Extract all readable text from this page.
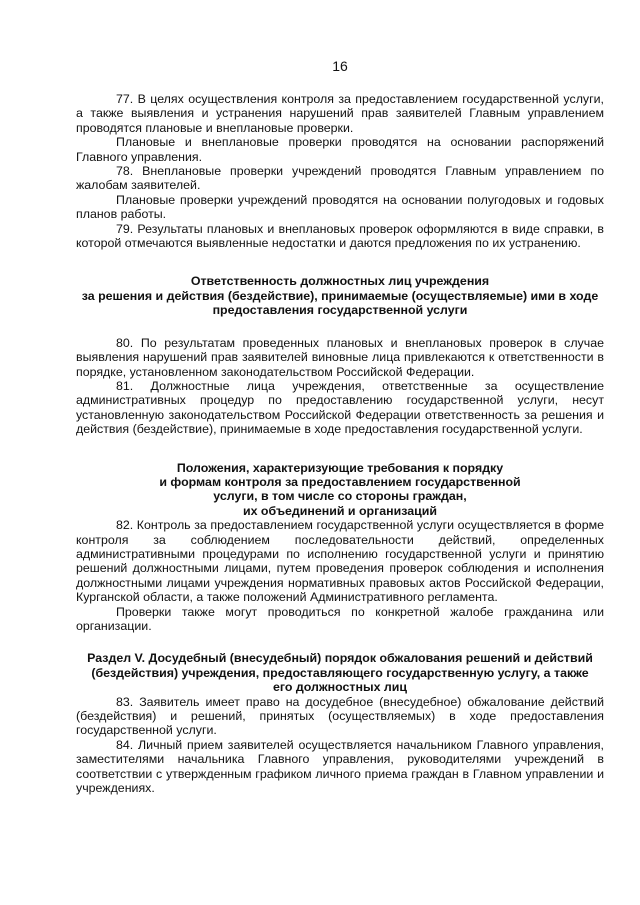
16

77. В целях осуществления контроля за предоставлением государственной услуги, а также выявления и устранения нарушений прав заявителей Главным управлением проводятся плановые и внеплановые проверки.

Плановые и внеплановые проверки проводятся на основании распоряжений Главного управления.

78. Внеплановые проверки учреждений проводятся Главным управлением по жалобам заявителей.

Плановые проверки учреждений проводятся на основании полугодовых и годовых планов работы.

79. Результаты плановых и внеплановых проверок оформляются в виде справки, в которой отмечаются выявленные недостатки и даются предложения по их устранению.

Ответственность должностных лиц учреждения
за решения и действия (бездействие), принимаемые (осуществляемые) ими в ходе предоставления государственной услуги

80. По результатам проведенных плановых и внеплановых проверок в случае выявления нарушений прав заявителей виновные лица привлекаются к ответственности в порядке, установленном законодательством Российской Федерации.

81. Должностные лица учреждения, ответственные за осуществление административных процедур по предоставлению государственной услуги, несут установленную законодательством Российской Федерации ответственность за решения и действия (бездействие), принимаемые в ходе предоставления государственной услуги.

Положения, характеризующие требования к порядку
и формам контроля за предоставлением государственной
услуги, в том числе со стороны граждан,
их объединений и организаций

82. Контроль за предоставлением государственной услуги осуществляется в форме контроля за соблюдением последовательности действий, определенных административными процедурами по исполнению государственной услуги и принятию решений должностными лицами, путем проведения проверок соблюдения и исполнения должностными лицами учреждения нормативных правовых актов Российской Федерации, Курганской области, а также положений Административного регламента.

Проверки также могут проводиться по конкретной жалобе гражданина или организации.

Раздел V. Досудебный (внесудебный) порядок обжалования решений и действий
(бездействия) учреждения, предоставляющего государственную услугу, а также
его должностных лиц

83. Заявитель имеет право на досудебное (внесудебное) обжалование действий (бездействия) и решений, принятых (осуществляемых) в ходе предоставления государственной услуги.

84. Личный прием заявителей осуществляется начальником Главного управления, заместителями начальника Главного управления, руководителями учреждений в соответствии с утвержденным графиком личного приема граждан в Главном управлении и учреждениях.
